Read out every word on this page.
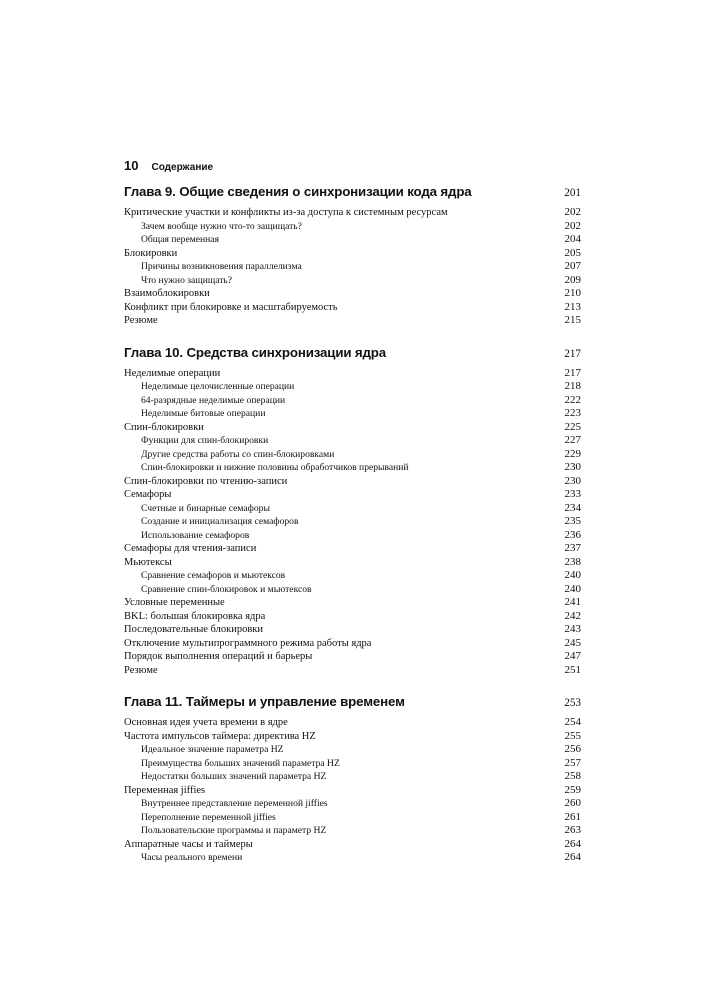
10 Содержание
Глава 9. Общие сведения о синхронизации кода ядра	201
Критические участки и конфликты из-за доступа к системным ресурсам	202
Зачем вообще нужно что-то защищать?	202
Общая переменная	204
Блокировки	205
Причины возникновения параллелизма	207
Что нужно защищать?	209
Взаимоблокировки	210
Конфликт при блокировке и масштабируемость	213
Резюме	215
Глава 10. Средства синхронизации ядра	217
Неделимые операции	217
Неделимые целочисленные операции	218
64-разрядные неделимые операции	222
Неделимые битовые операции	223
Спин-блокировки	225
Функции для спин-блокировки	227
Другие средства работы со спин-блокировками	229
Спин-блокировки и нижние половины обработчиков прерываний	230
Спин-блокировки по чтению-записи	230
Семафоры	233
Счетные и бинарные семафоры	234
Создание и инициализация семафоров	235
Использование семафоров	236
Семафоры для чтения-записи	237
Мьютексы	238
Сравнение семафоров и мьютексов	240
Сравнение спин-блокировок и мьютексов	240
Условные переменные	241
BKL: большая блокировка ядра	242
Последовательные блокировки	243
Отключение мультипрограммного режима работы ядра	245
Порядок выполнения операций и барьеры	247
Резюме	251
Глава 11. Таймеры и управление временем	253
Основная идея учета времени в ядре	254
Частота импульсов таймера: директива HZ	255
Идеальное значение параметра HZ	256
Преимущества больших значений параметра HZ	257
Недостатки больших значений параметра HZ	258
Переменная jiffies	259
Внутреннее представление переменной jiffies	260
Переполнение переменной jiffies	261
Пользовательские программы и параметр HZ	263
Аппаратные часы и таймеры	264
Часы реального времени	264
